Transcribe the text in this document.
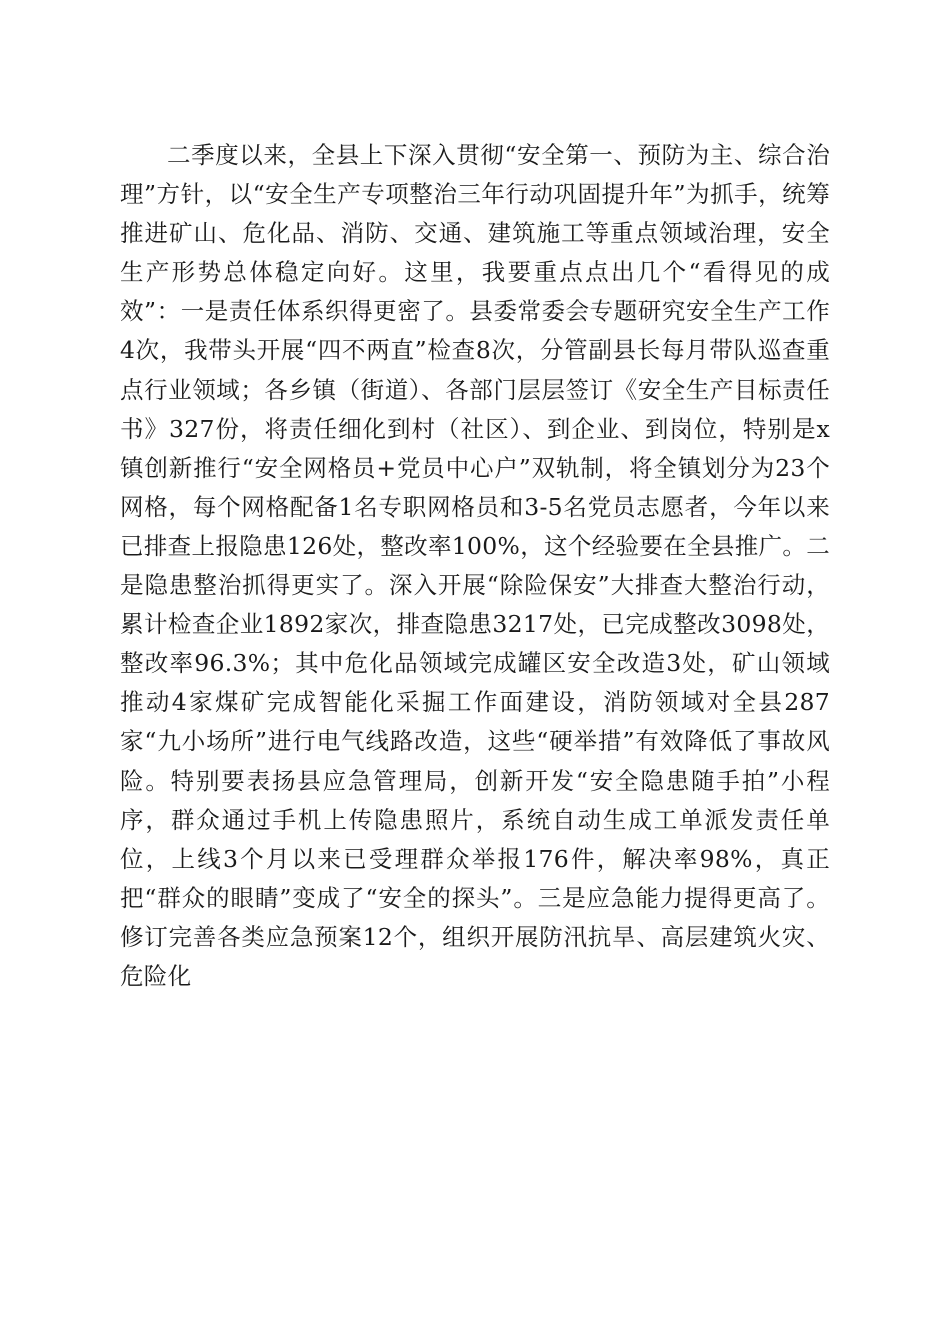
二季度以来，全县上下深入贯彻“安全第一、预防为主、综合治理”方针，以“安全生产专项整治三年行动巩固提升年”为抓手，统筹推进矿山、危化品、消防、交通、建筑施工等重点领域治理，安全生产形势总体稳定向好。这里，我要重点点出几个“看得见的成效”：一是责任体系织得更密了。县委常委会专题研究安全生产工作4次，我带头开展“四不两直”检查8次，分管副县长每月带队巡查重点行业领域；各乡镇（街道）、各部门层层签订《安全生产目标责任书》327份，将责任细化到村（社区）、到企业、到岗位，特别是x镇创新推行“安全网格员+党员中心户”双轨制，将全镇划分为23个网格，每个网格配备1名专职网格员和3-5名党员志愿者，今年以来已排查上报隐患126处，整改率100%，这个经验要在全县推广。二是隐患整治抓得更实了。深入开展“除险保安”大排查大整治行动，累计检查企业1892家次，排查隐患3217处，已完成整改3098处，整改率96.3%；其中危化品领域完成罐区安全改造3处，矿山领域推动4家煤矿完成智能化采掘工作面建设，消防领域对全县287家“九小场所”进行电气线路改造，这些“硬举措”有效降低了事故风险。特别要表扬县应急管理局，创新开发“安全隐患随手拍”小程序，群众通过手机上传隐患照片，系统自动生成工单派发责任单位，上线3个月以来已受理群众举报176件，解决率98%，真正把“群众的眼睛”变成了“安全的探头”。三是应急能力提得更高了。修订完善各类应急预案12个，组织开展防汛抗旱、高层建筑火灾、危险化
